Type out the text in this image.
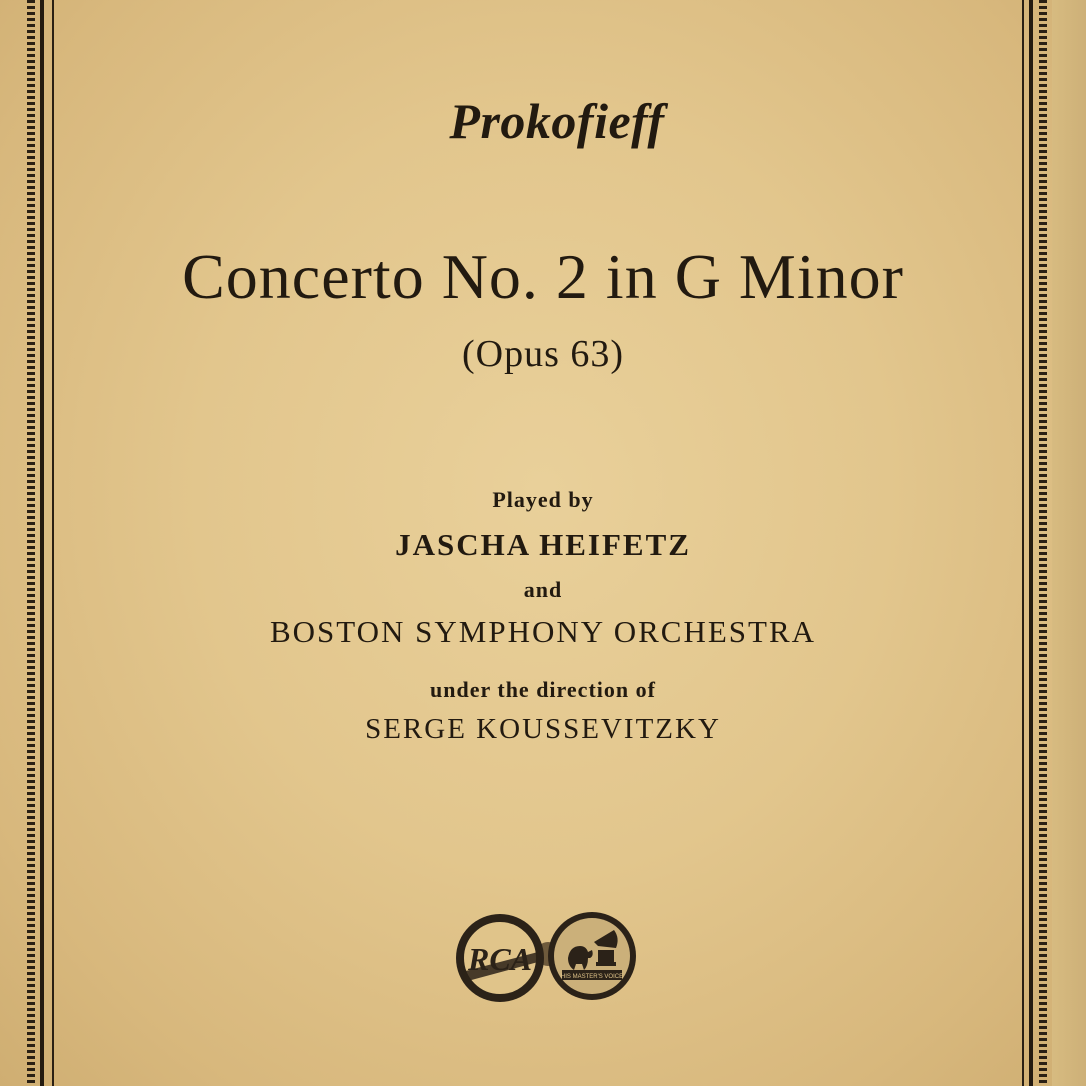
Prokofieff
Concerto No. 2 in G Minor
(Opus 63)
Played by
JASCHA HEIFETZ
and
BOSTON SYMPHONY ORCHESTRA
under the direction of
SERGE KOUSSEVITZKY
RCA	HIS MASTER'S VOICE
